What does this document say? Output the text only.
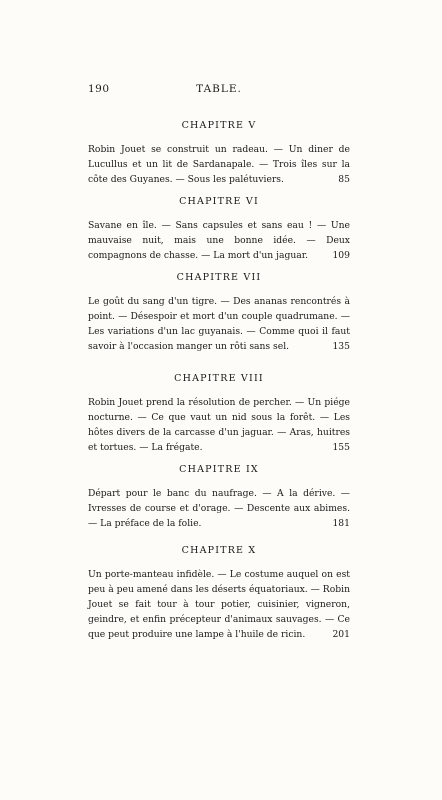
190	TABLE.
CHAPITRE V
Robin Jouet se construit un radeau. — Un diner de Lucullus et un lit de Sardanapale. — Trois îles sur la côte des Guyanes. — Sous les palétuviers.	85
CHAPITRE VI
Savane en île. — Sans capsules et sans eau ! — Une mauvaise nuit, mais une bonne idée. — Deux compagnons de chasse. — La mort d'un jaguar.	109
CHAPITRE VII
Le goût du sang d'un tigre. — Des ananas rencontrés à point. — Désespoir et mort d'un couple quadrumane. — Les variations d'un lac guyanais. — Comme quoi il faut savoir à l'occasion manger un rôti sans sel.	135
CHAPITRE VIII
Robin Jouet prend la résolution de percher. — Un piége nocturne. — Ce que vaut un nid sous la forêt. — Les hôtes divers de la carcasse d'un jaguar. — Aras, huitres et tortues. — La frégate.	155
CHAPITRE IX
Départ pour le banc du naufrage. — A la dérive. — Ivresses de course et d'orage. — Descente aux abimes. — La préface de la folie.	181
CHAPITRE X
Un porte-manteau infidèle. — Le costume auquel on est peu à peu amené dans les déserts équatoriaux. — Robin Jouet se fait tour à tour potier, cuisinier, vigneron, geindre, et enfin précepteur d'animaux sauvages. — Ce que peut produire une lampe à l'huile de ricin.	201
